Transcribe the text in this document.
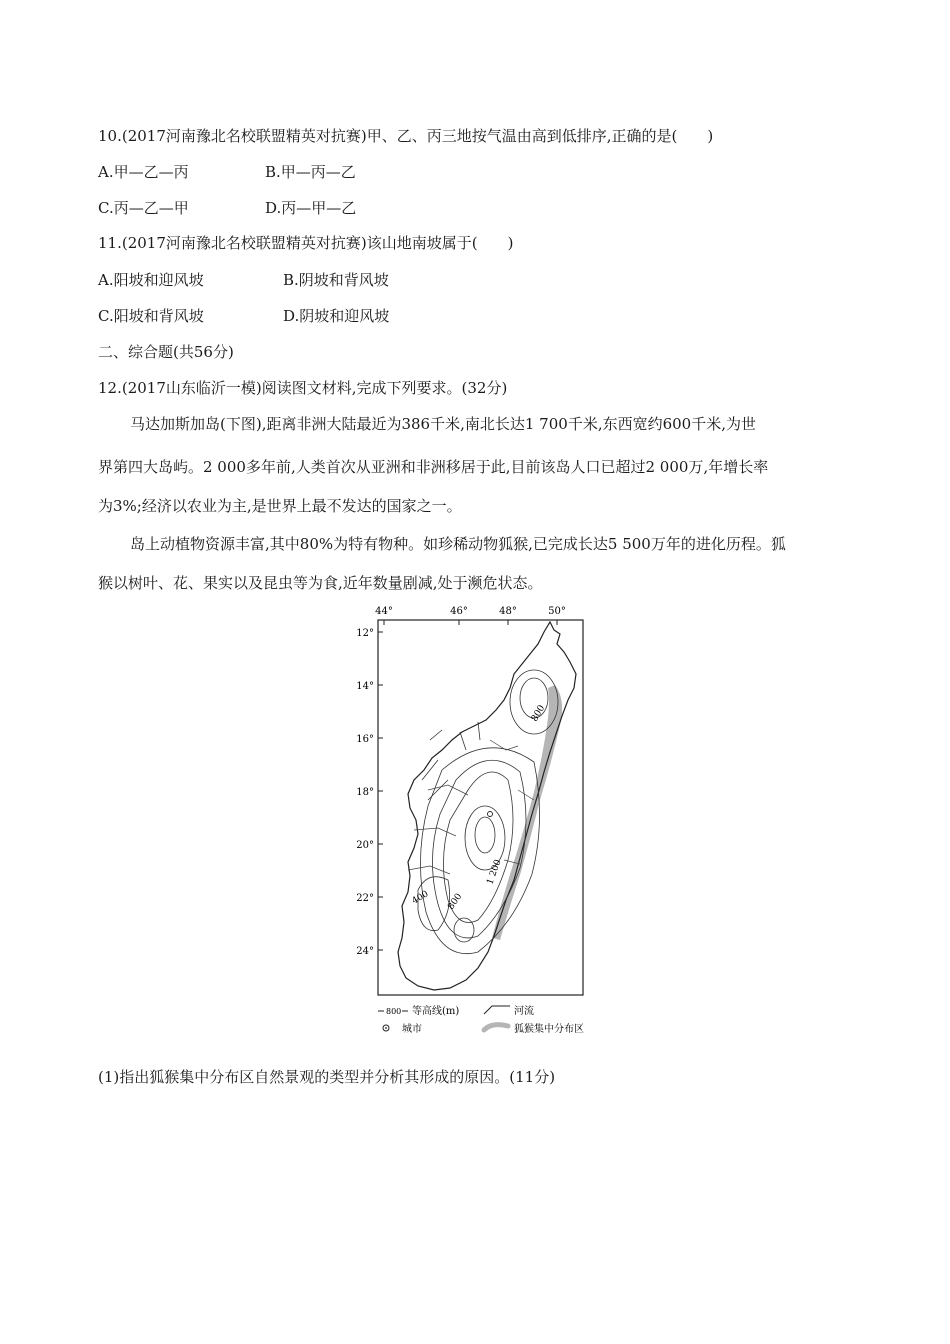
10.(2017河南豫北名校联盟精英对抗赛)甲、乙、丙三地按气温由高到低排序,正确的是(　　)
A.甲—乙—丙	B.甲—丙—乙
C.丙—乙—甲	D.丙—甲—乙
11.(2017河南豫北名校联盟精英对抗赛)该山地南坡属于(　　)
A.阳坡和迎风坡	B.阴坡和背风坡
C.阳坡和背风坡	D.阴坡和迎风坡
二、综合题(共56分)
12.(2017山东临沂一模)阅读图文材料,完成下列要求。(32分)
马达加斯加岛(下图),距离非洲大陆最近为386千米,南北长达1 700千米,东西宽约600千米,为世
界第四大岛屿。2 000多年前,人类首次从亚洲和非洲移居于此,目前该岛人口已超过2 000万,年增长率
为3%;经济以农业为主,是世界上最不发达的国家之一。
岛上动植物资源丰富,其中80%为特有物种。如珍稀动物狐猴,已完成长达5 500万年的进化历程。狐
猴以树叶、花、果实以及昆虫等为食,近年数量剧减,处于濒危状态。
44°	46°	48°	50°
12°
14°
16°
18°
20°
22°
24°
800
1 200
800
400
800 等高线(m)	河流
城市	狐猴集中分布区
(1)指出狐猴集中分布区自然景观的类型并分析其形成的原因。(11分)
